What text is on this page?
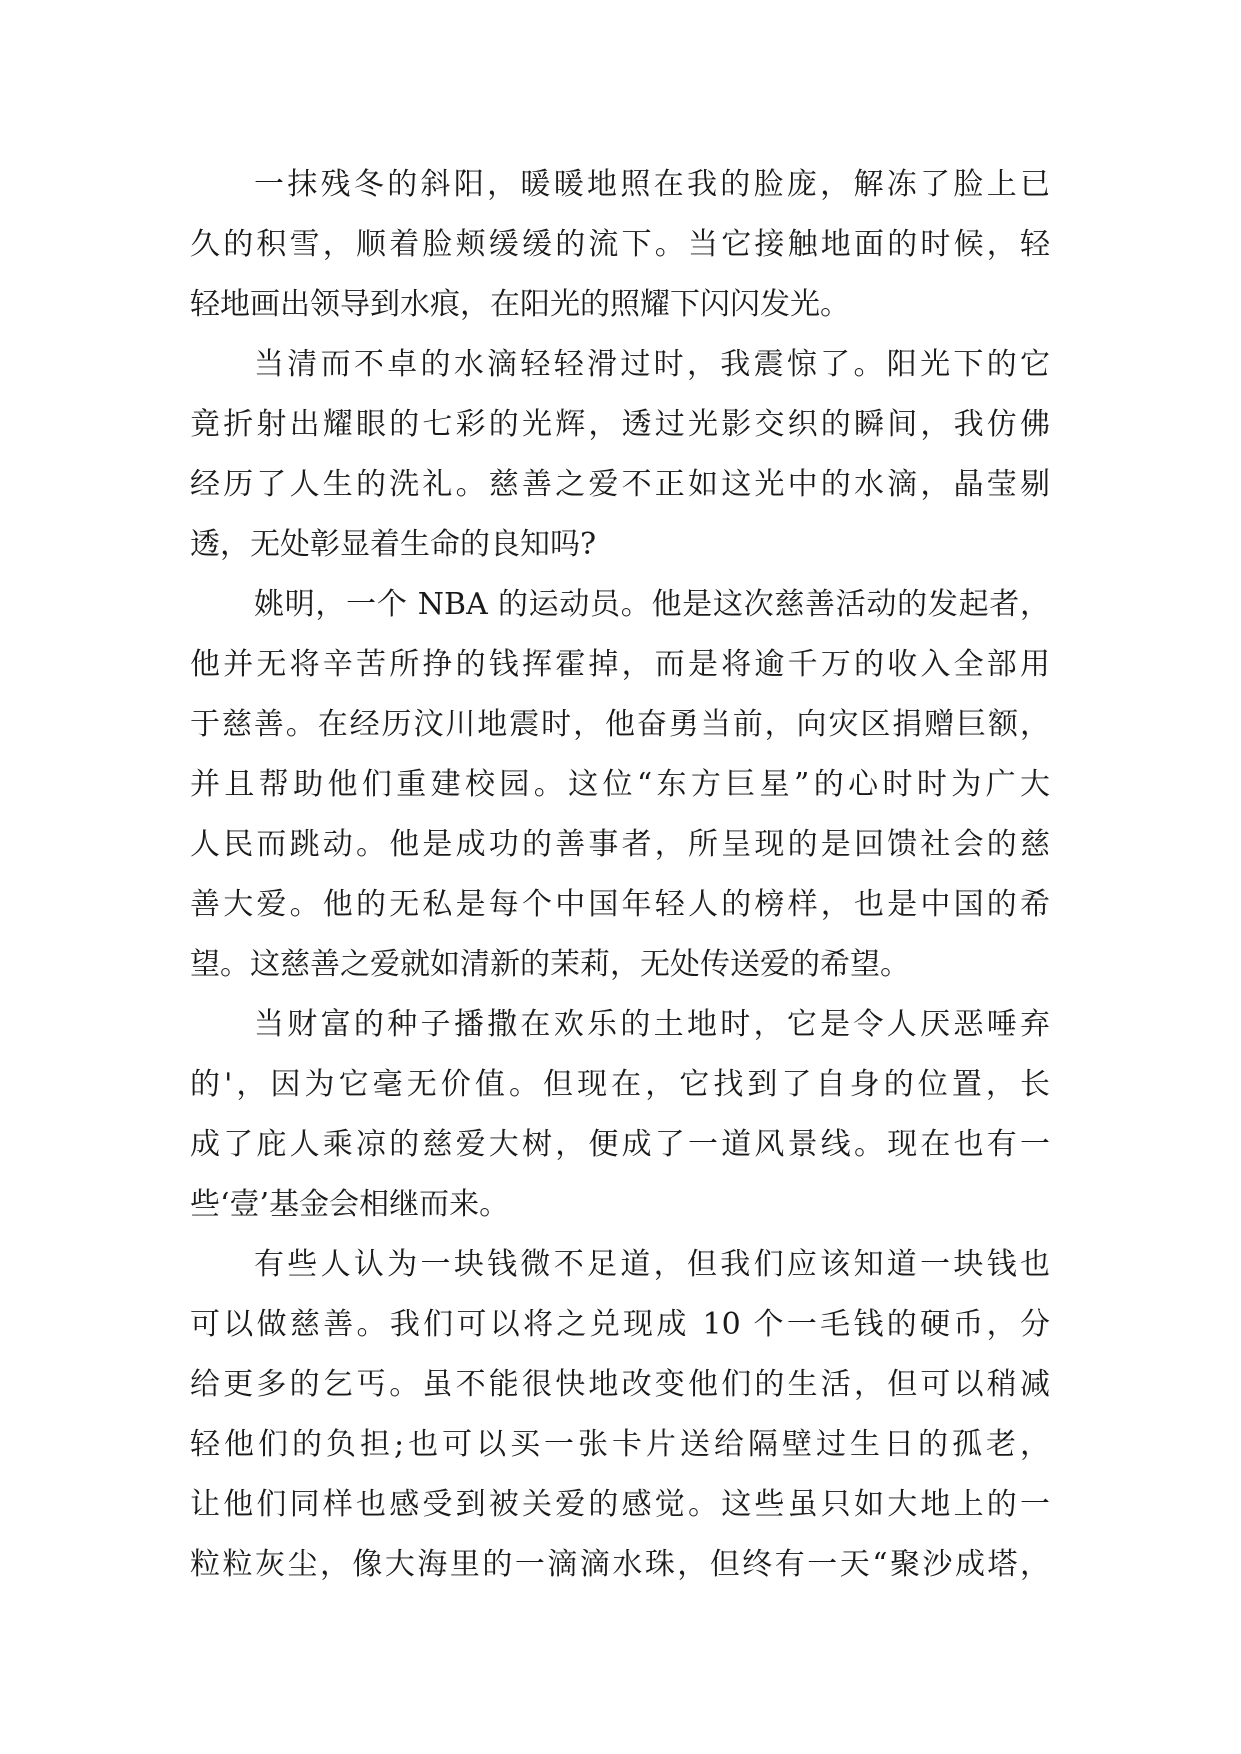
一抹残冬的斜阳，暖暖地照在我的脸庞，解冻了脸上已
久的积雪，顺着脸颊缓缓的流下。当它接触地面的时候，轻
轻地画出领导到水痕，在阳光的照耀下闪闪发光。
当清而不卓的水滴轻轻滑过时，我震惊了。阳光下的它
竟折射出耀眼的七彩的光辉，透过光影交织的瞬间，我仿佛
经历了人生的洗礼。慈善之爱不正如这光中的水滴，晶莹剔
透，无处彰显着生命的良知吗?
姚明，一个 NBA 的运动员。他是这次慈善活动的发起者，
他并无将辛苦所挣的钱挥霍掉，而是将逾千万的收入全部用
于慈善。在经历汶川地震时，他奋勇当前，向灾区捐赠巨额，
并且帮助他们重建校园。这位“东方巨星”的心时时为广大
人民而跳动。他是成功的善事者，所呈现的是回馈社会的慈
善大爱。他的无私是每个中国年轻人的榜样，也是中国的希
望。这慈善之爱就如清新的茉莉，无处传送爱的希望。
当财富的种子播撒在欢乐的土地时，它是令人厌恶唾弃
的'，因为它毫无价值。但现在，它找到了自身的位置，长
成了庇人乘凉的慈爱大树，便成了一道风景线。现在也有一
些‘壹’基金会相继而来。
有些人认为一块钱微不足道，但我们应该知道一块钱也
可以做慈善。我们可以将之兑现成 10 个一毛钱的硬币，分
给更多的乞丐。虽不能很快地改变他们的生活，但可以稍减
轻他们的负担;也可以买一张卡片送给隔壁过生日的孤老，
让他们同样也感受到被关爱的感觉。这些虽只如大地上的一
粒粒灰尘，像大海里的一滴滴水珠，但终有一天“聚沙成塔，
